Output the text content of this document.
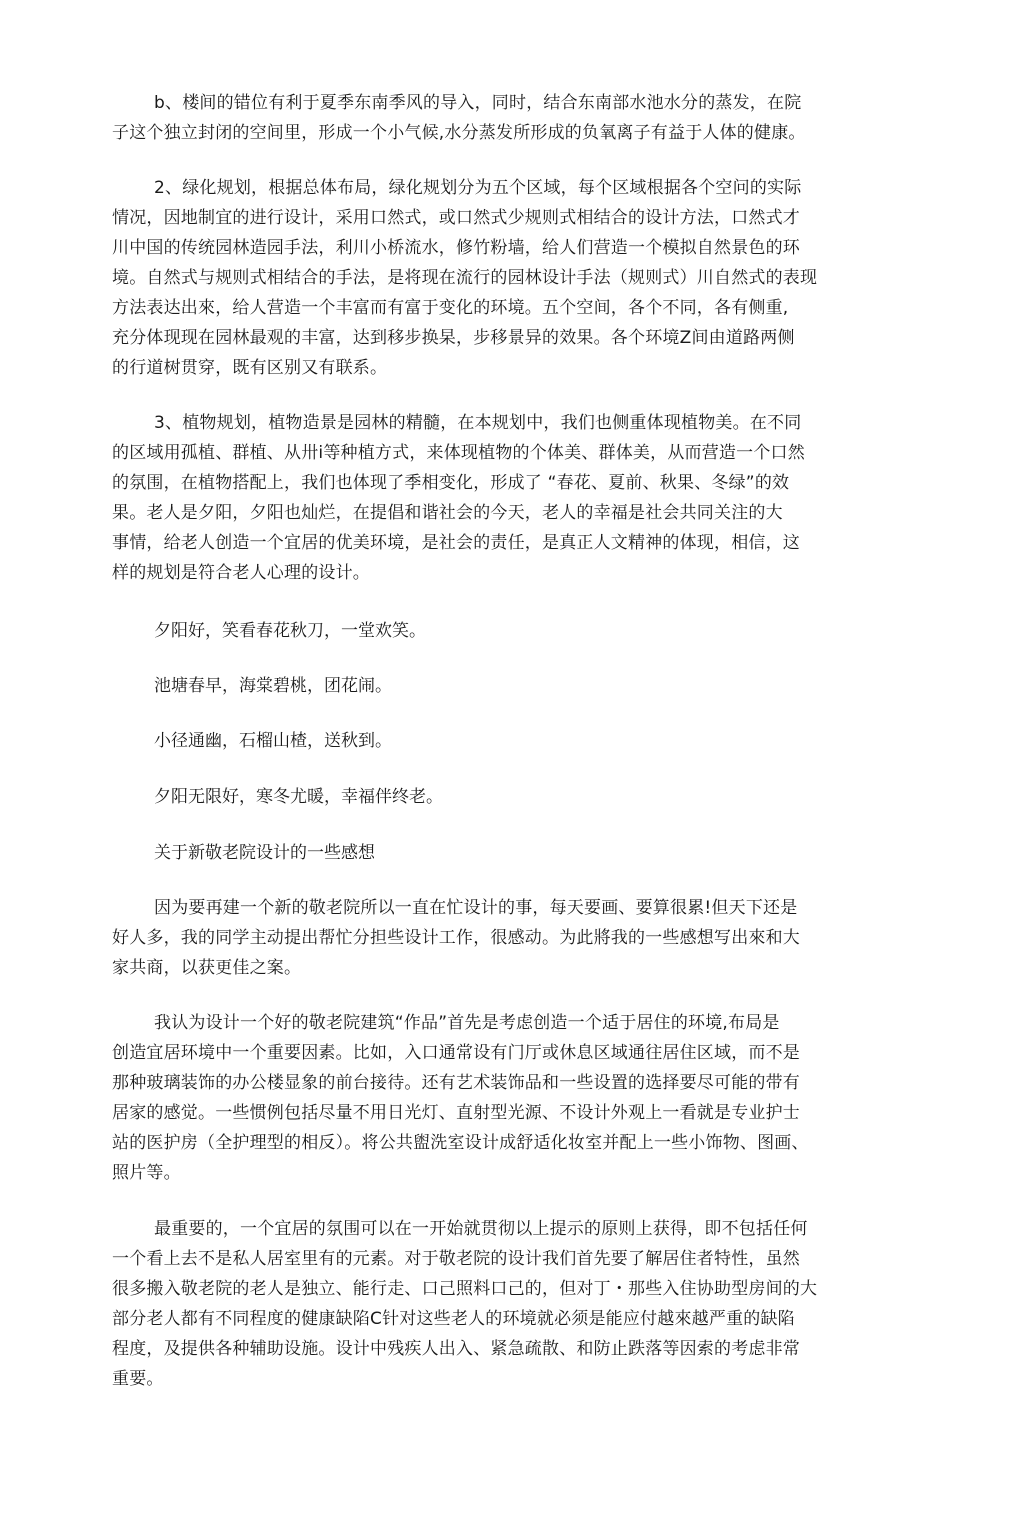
b、楼间的错位有利于夏季东南季风的导入，同时，结合东南部水池水分的蒸发，在院
子这个独立封闭的空间里，形成一个小气候,水分蒸发所形成的负氧离子有益于人体的健康。
2、绿化规划，根据总体布局，绿化规划分为五个区域，每个区域根据各个空问的实际
情况，因地制宜的进行设计，采用口然式，或口然式少规则式相结合的设计方法，口然式才
川中国的传统园林造园手法，利川小桥流水，修竹粉墙，给人们营造一个模拟自然景色的环
境。自然式与规则式相结合的手法，是将现在流行的园林设计手法（规则式）川自然式的表现
方法表达出來，给人营造一个丰富而有富于变化的环境。五个空间，各个不同，各有侧重,
充分体现现在园林最观的丰富，达到移步换杲，步移景异的效果。各个环境Z间由道路两侧
的行道树贯穿，既有区别又有联系。
3、植物规划，植物造景是园林的精髓，在本规划中，我们也侧重体现植物美。在不同
的区域用孤植、群植、从卅i等种植方式，来体现植物的个体美、群体美，从而营造一个口然
的氛围，在植物搭配上，我们也体现了季相变化，形成了 “春花、夏前、秋果、冬绿”的效
果。老人是夕阳，夕阳也灿烂，在提倡和谐社会的今天，老人的幸福是社会共同关注的大
事情，给老人创造一个宜居的优美环境，是社会的责任，是真正人文精神的体现，相信，这
样的规划是符合老人心理的设计。

夕阳好，笑看春花秋刀，一堂欢笑。

池塘春早，海棠碧桃，团花闹。

小径通幽，石榴山楂，送秋到。

夕阳无限好，寒冬尤暖，幸福伴终老。

关于新敬老院设计的一些感想

因为要再建一个新的敬老院所以一直在忙设计的事，每天要画、要算很累!但天下还是
好人多，我的同学主动提出帮忙分担些设计工作，很感动。为此將我的一些感想写出來和大
家共商，以获更佳之案。
我认为设计一个好的敬老院建筑“作品”首先是考虑创造一个适于居住的环境,布局是
创造宜居环境中一个重要因素。比如，入口通常设有门厅或休息区域通往居住区域，而不是
那种玻璃装饰的办公楼显象的前台接待。还有艺术装饰品和一些设置的选择要尽可能的带有
居家的感觉。一些惯例包括尽量不用日光灯、直射型光源、不设计外观上一看就是专业护士
站的医护房（全护理型的相反）。将公共盥洗室设计成舒适化妆室并配上一些小饰物、图画、
照片等。
最重要的，一个宜居的氛围可以在一开始就贯彻以上提示的原则上获得，即不包括任何
一个看上去不是私人居室里有的元素。对于敬老院的设计我们首先要了解居住者特性，虽然
很多搬入敬老院的老人是独立、能行走、口己照料口己的，但对丁・那些入住协助型房间的大
部分老人都有不同程度的健康缺陷C针对这些老人的环境就必须是能应付越來越严重的缺陷
程度，及提供各种辅助设施。设计中残疾人出入、紧急疏散、和防止跌落等因索的考虑非常
重要。
